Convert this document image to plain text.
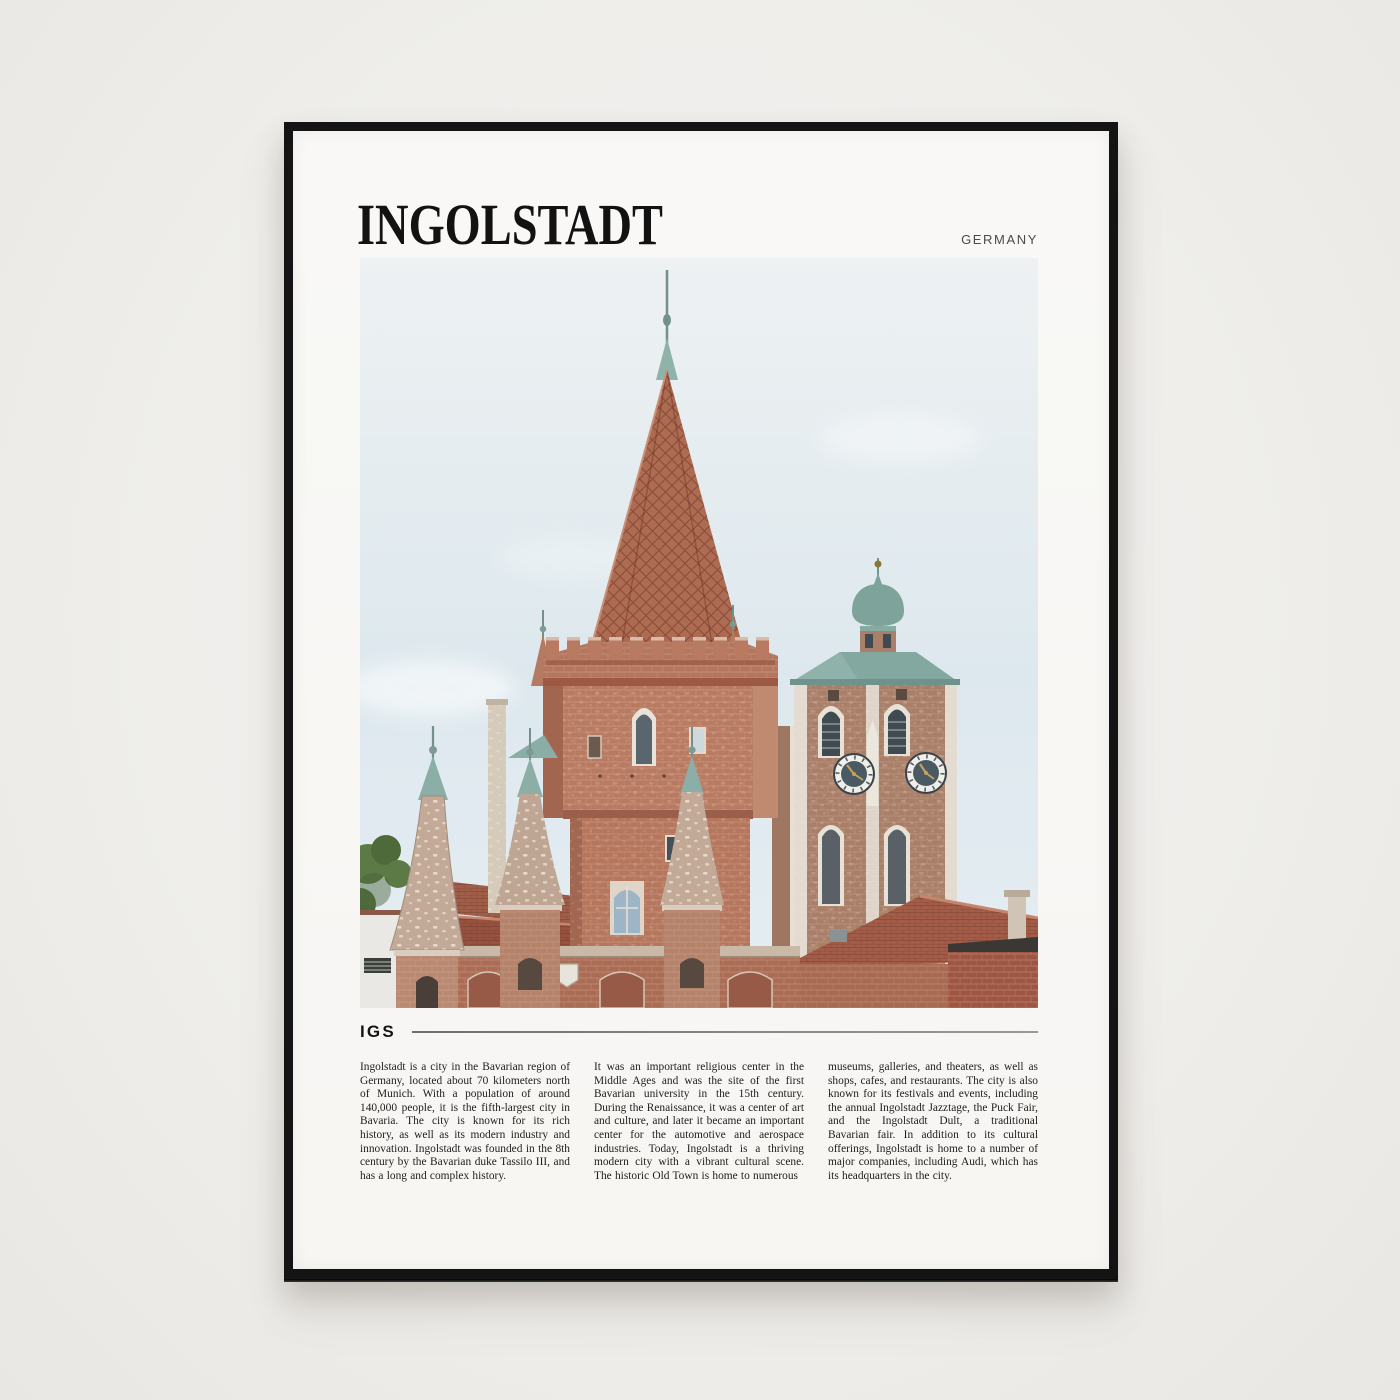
INGOLSTADT	GERMANY
IGS

Ingolstadt is a city in the Bavarian region of Germany, located about 70 kilometers north of Munich. With a population of around 140,000 people, it is the fifth-largest city in Bavaria. The city is known for its rich history, as well as its modern industry and innovation. Ingolstadt was founded in the 8th century by the Bavarian duke Tassilo III, and has a long and complex history.

It was an important religious center in the Middle Ages and was the site of the first Bavarian university in the 15th century. During the Renaissance, it was a center of art and culture, and later it became an important center for the automotive and aerospace industries. Today, Ingolstadt is a thriving modern city with a vibrant cultural scene. The historic Old Town is home to numerous

museums, galleries, and theaters, as well as shops, cafes, and restaurants. The city is also known for its festivals and events, including the annual Ingolstadt Jazztage, the Puck Fair, and the Ingolstadt Dult, a traditional Bavarian fair. In addition to its cultural offerings, Ingolstadt is home to a number of major companies, including Audi, which has its headquarters in the city.
